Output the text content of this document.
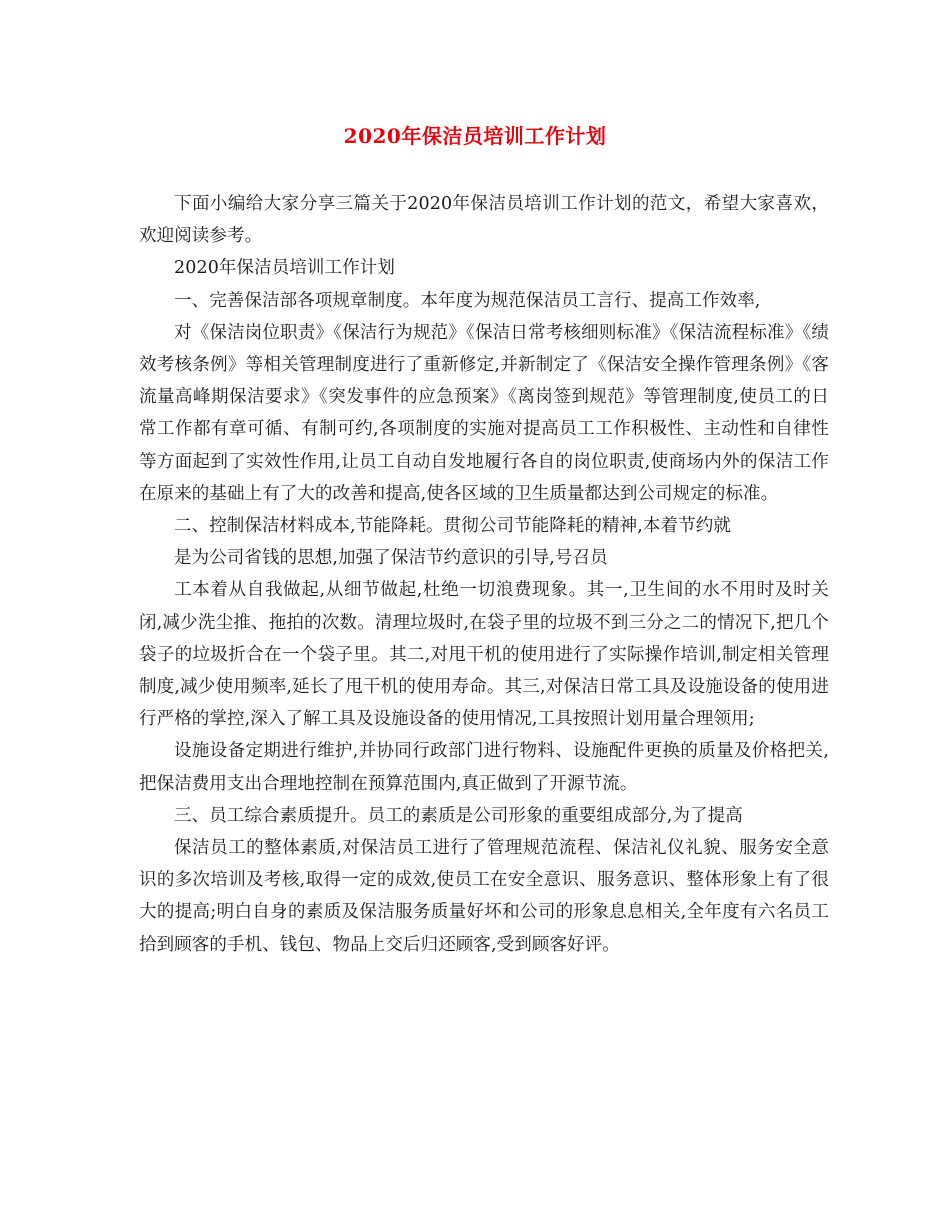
2020年保洁员培训工作计划

下面小编给大家分享三篇关于2020年保洁员培训工作计划的范文，希望大家喜欢，欢迎阅读参考。

2020年保洁员培训工作计划

一、完善保洁部各项规章制度。本年度为规范保洁员工言行、提高工作效率,

对《保洁岗位职责》《保洁行为规范》《保洁日常考核细则标准》《保洁流程标准》《绩效考核条例》等相关管理制度进行了重新修定,并新制定了《保洁安全操作管理条例》《客流量高峰期保洁要求》《突发事件的应急预案》《离岗签到规范》等管理制度,使员工的日常工作都有章可循、有制可约,各项制度的实施对提高员工工作积极性、主动性和自律性等方面起到了实效性作用,让员工自动自发地履行各自的岗位职责,使商场内外的保洁工作在原来的基础上有了大的改善和提高,使各区域的卫生质量都达到公司规定的标准。

二、控制保洁材料成本,节能降耗。贯彻公司节能降耗的精神,本着节约就

是为公司省钱的思想,加强了保洁节约意识的引导,号召员

工本着从自我做起,从细节做起,杜绝一切浪费现象。其一,卫生间的水不用时及时关闭,减少洗尘推、拖拍的次数。清理垃圾时,在袋子里的垃圾不到三分之二的情况下,把几个袋子的垃圾折合在一个袋子里。其二,对甩干机的使用进行了实际操作培训,制定相关管理制度,减少使用频率,延长了甩干机的使用寿命。其三,对保洁日常工具及设施设备的使用进行严格的掌控,深入了解工具及设施设备的使用情况,工具按照计划用量合理领用;

设施设备定期进行维护,并协同行政部门进行物料、设施配件更换的质量及价格把关,把保洁费用支出合理地控制在预算范围内,真正做到了开源节流。

三、员工综合素质提升。员工的素质是公司形象的重要组成部分,为了提高

保洁员工的整体素质,对保洁员工进行了管理规范流程、保洁礼仪礼貌、服务安全意识的多次培训及考核,取得一定的成效,使员工在安全意识、服务意识、整体形象上有了很大的提高;明白自身的素质及保洁服务质量好坏和公司的形象息息相关,全年度有六名员工拾到顾客的手机、钱包、物品上交后归还顾客,受到顾客好评。
